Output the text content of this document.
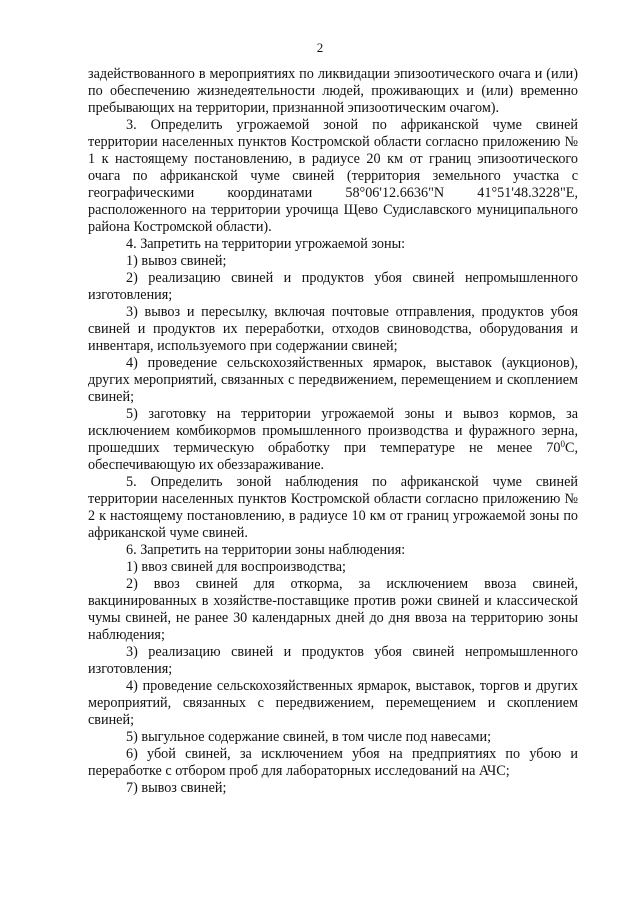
2

задействованного в мероприятиях по ликвидации эпизоотического очага и (или) по обеспечению жизнедеятельности людей, проживающих и (или) временно пребывающих на территории, признанной эпизоотическим очагом).

3. Определить угрожаемой зоной по африканской чуме свиней территории населенных пунктов Костромской области согласно приложению № 1 к настоящему постановлению, в радиусе 20 км от границ эпизоотического очага по африканской чуме свиней (территория земельного участка с географическими координатами 58°06'12.6636"N 41°51'48.3228"E, расположенного на территории урочища Щево Судиславского муниципального района Костромской области).

4. Запретить на территории угрожаемой зоны:

1) вывоз свиней;

2) реализацию свиней и продуктов убоя свиней непромышленного изготовления;

3) вывоз и пересылку, включая почтовые отправления, продуктов убоя свиней и продуктов их переработки, отходов свиноводства, оборудования и инвентаря, используемого при содержании свиней;

4) проведение сельскохозяйственных ярмарок, выставок (аукционов), других мероприятий, связанных с передвижением, перемещением и скоплением свиней;

5) заготовку на территории угрожаемой зоны и вывоз кормов, за исключением комбикормов промышленного производства и фуражного зерна, прошедших термическую обработку при температуре не менее $70^0С$, обеспечивающую их обеззараживание.

5. Определить зоной наблюдения по африканской чуме свиней территории населенных пунктов Костромской области согласно приложению № 2 к настоящему постановлению, в радиусе 10 км от границ угрожаемой зоны по африканской чуме свиней.

6. Запретить на территории зоны наблюдения:

1) ввоз свиней для воспроизводства;

2) ввоз свиней для откорма, за исключением ввоза свиней, вакцинированных в хозяйстве-поставщике против рожи свиней и классической чумы свиней, не ранее 30 календарных дней до дня ввоза на территорию зоны наблюдения;

3) реализацию свиней и продуктов убоя свиней непромышленного изготовления;

4) проведение сельскохозяйственных ярмарок, выставок, торгов и других мероприятий, связанных с передвижением, перемещением и скоплением свиней;

5) выгульное содержание свиней, в том числе под навесами;

6) убой свиней, за исключением убоя на предприятиях по убою и переработке с отбором проб для лабораторных исследований на АЧС;

7) вывоз свиней;
